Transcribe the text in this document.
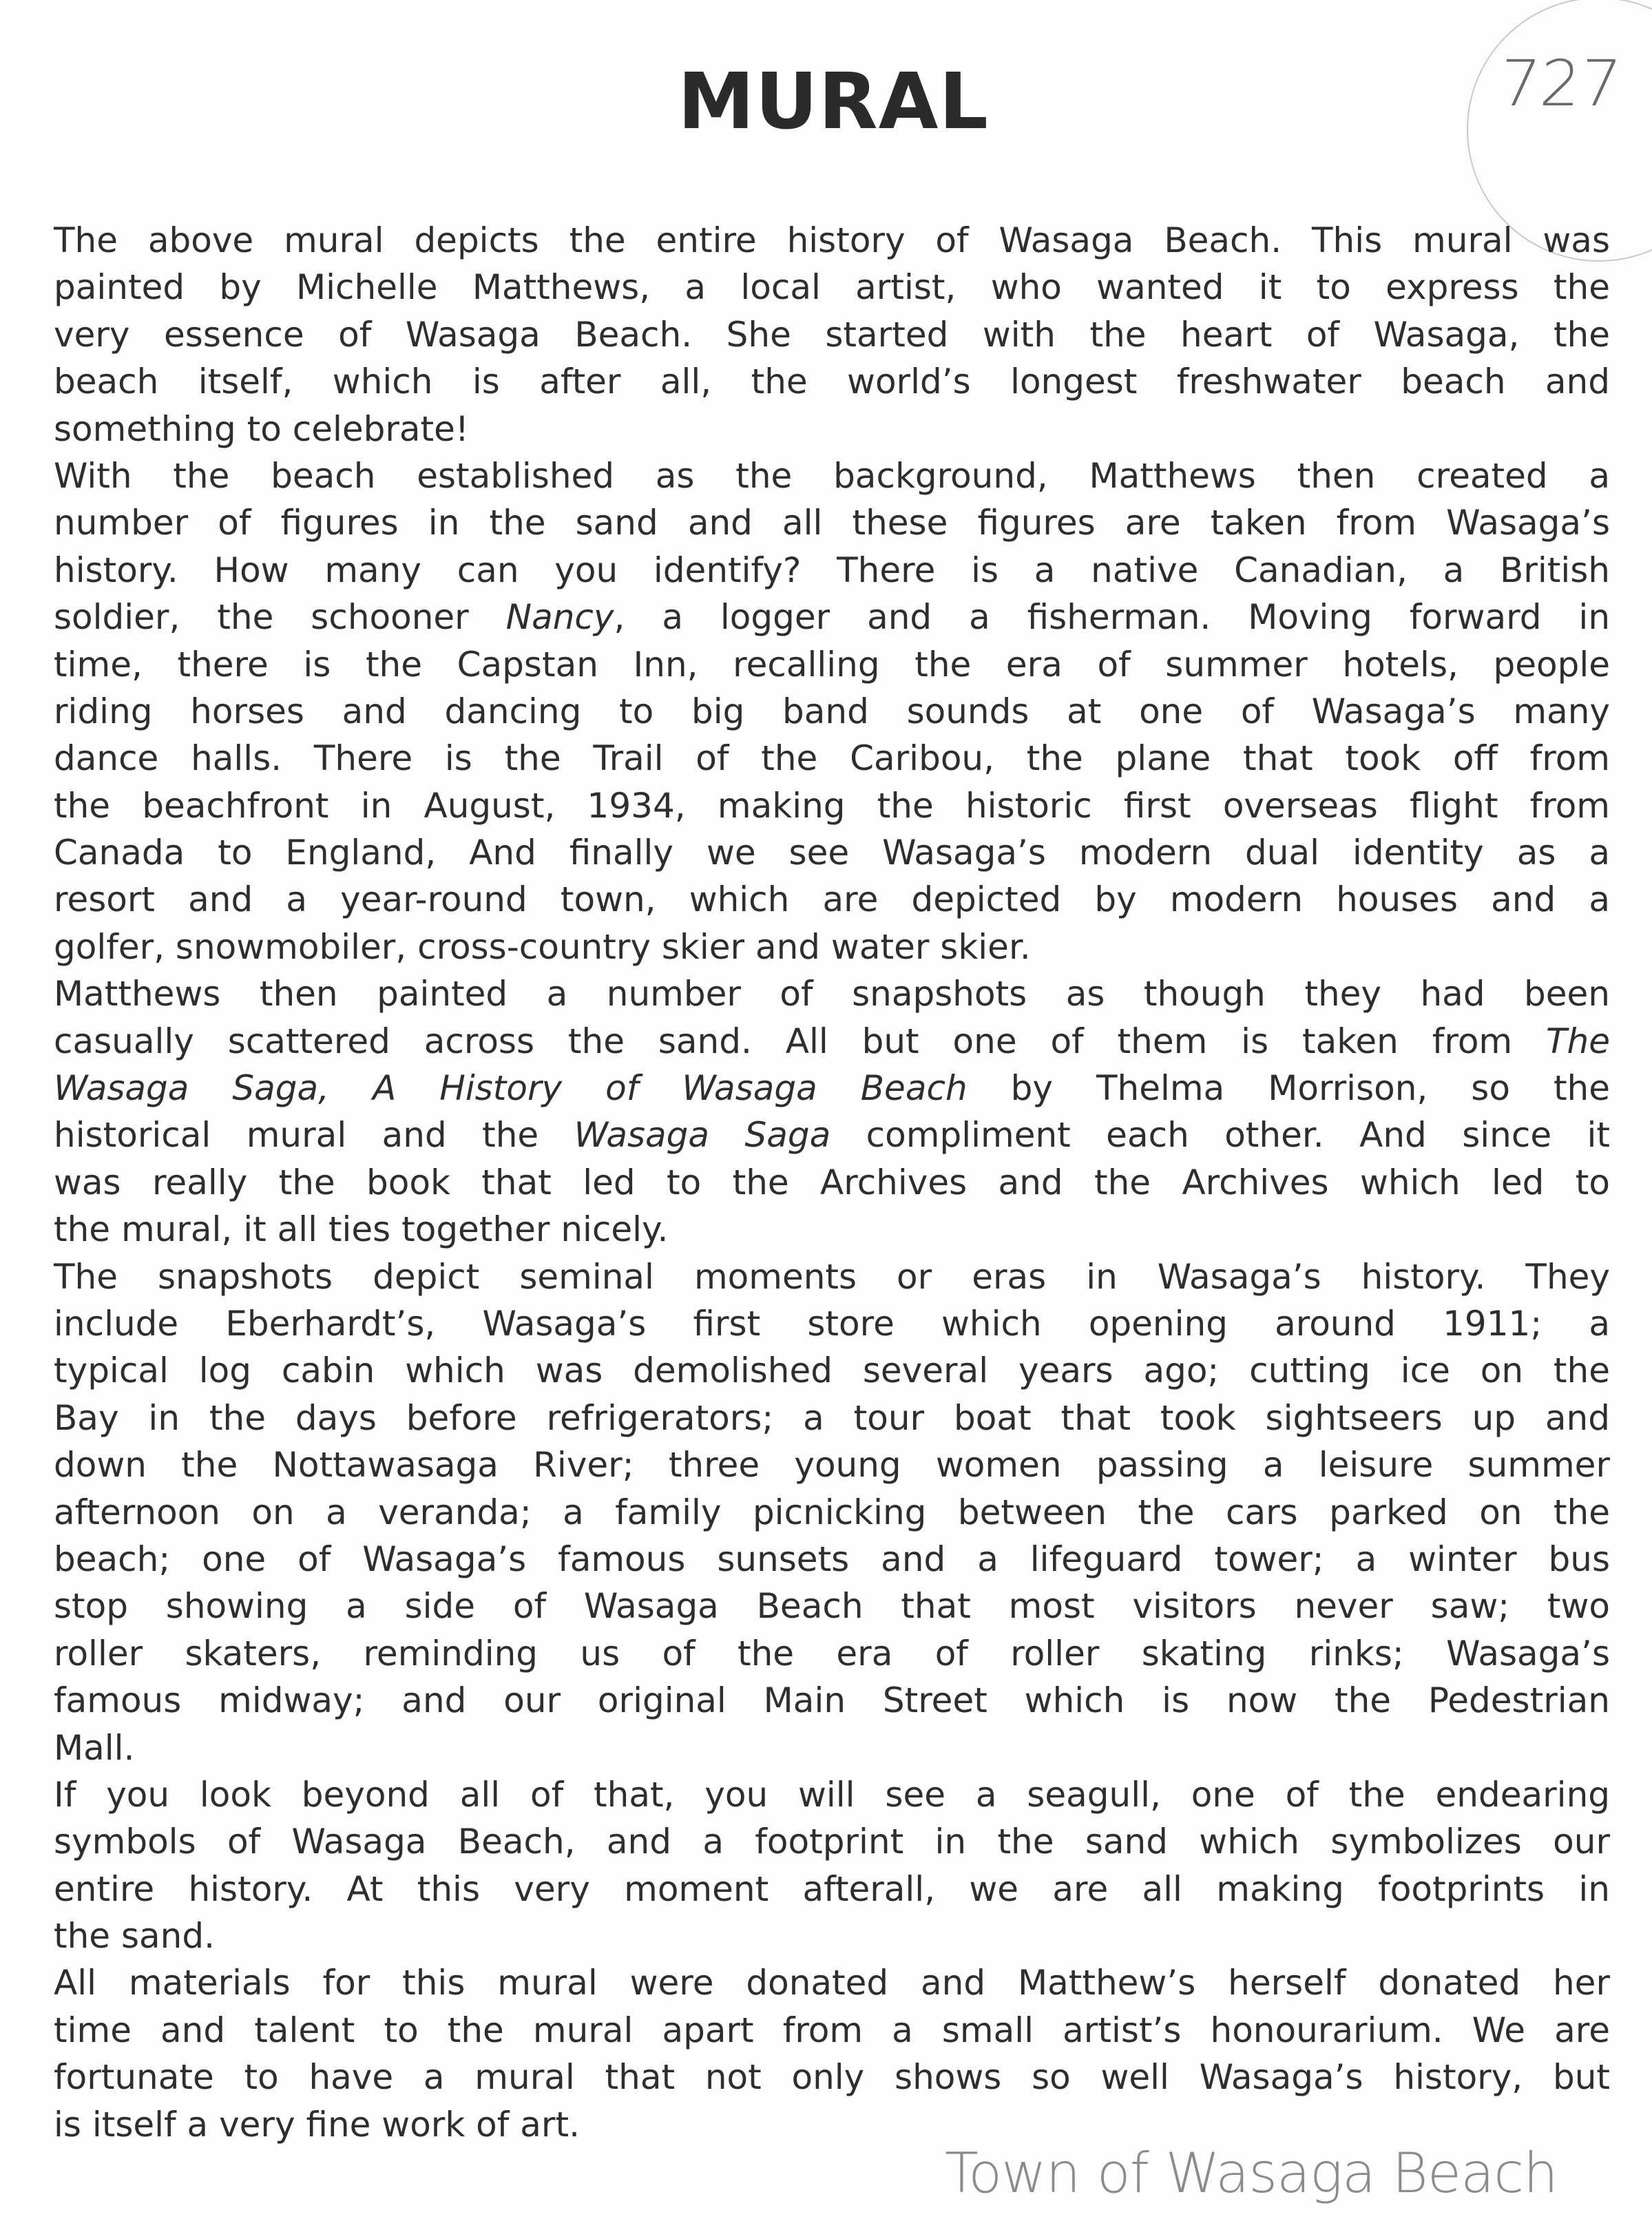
727
MURAL
The above mural depicts the entire history of Wasaga Beach. This mural was
painted by Michelle Matthews, a local artist, who wanted it to express the
very essence of Wasaga Beach. She started with the heart of Wasaga, the
beach itself, which is after all, the world’s longest freshwater beach and
something to celebrate!
With the beach established as the background, Matthews then created a
number of figures in the sand and all these figures are taken from Wasaga’s
history. How many can you identify? There is a native Canadian, a British
soldier, the schooner Nancy, a logger and a fisherman. Moving forward in
time, there is the Capstan Inn, recalling the era of summer hotels, people
riding horses and dancing to big band sounds at one of Wasaga’s many
dance halls. There is the Trail of the Caribou, the plane that took off from
the beachfront in August, 1934, making the historic first overseas flight from
Canada to England, And finally we see Wasaga’s modern dual identity as a
resort and a year-round town, which are depicted by modern houses and a
golfer, snowmobiler, cross-country skier and water skier.
Matthews then painted a number of snapshots as though they had been
casually scattered across the sand. All but one of them is taken from The
Wasaga Saga, A History of Wasaga Beach by Thelma Morrison, so the
historical mural and the Wasaga Saga compliment each other. And since it
was really the book that led to the Archives and the Archives which led to
the mural, it all ties together nicely.
The snapshots depict seminal moments or eras in Wasaga’s history. They
include Eberhardt’s, Wasaga’s first store which opening around 1911; a
typical log cabin which was demolished several years ago; cutting ice on the
Bay in the days before refrigerators; a tour boat that took sightseers up and
down the Nottawasaga River; three young women passing a leisure summer
afternoon on a veranda; a family picnicking between the cars parked on the
beach; one of Wasaga’s famous sunsets and a lifeguard tower; a winter bus
stop showing a side of Wasaga Beach that most visitors never saw; two
roller skaters, reminding us of the era of roller skating rinks; Wasaga’s
famous midway; and our original Main Street which is now the Pedestrian
Mall.
If you look beyond all of that, you will see a seagull, one of the endearing
symbols of Wasaga Beach, and a footprint in the sand which symbolizes our
entire history. At this very moment afterall, we are all making footprints in
the sand.
All materials for this mural were donated and Matthew’s herself donated her
time and talent to the mural apart from a small artist’s honourarium. We are
fortunate to have a mural that not only shows so well Wasaga’s history, but
is itself a very fine work of art.
Town of Wasaga Beach
